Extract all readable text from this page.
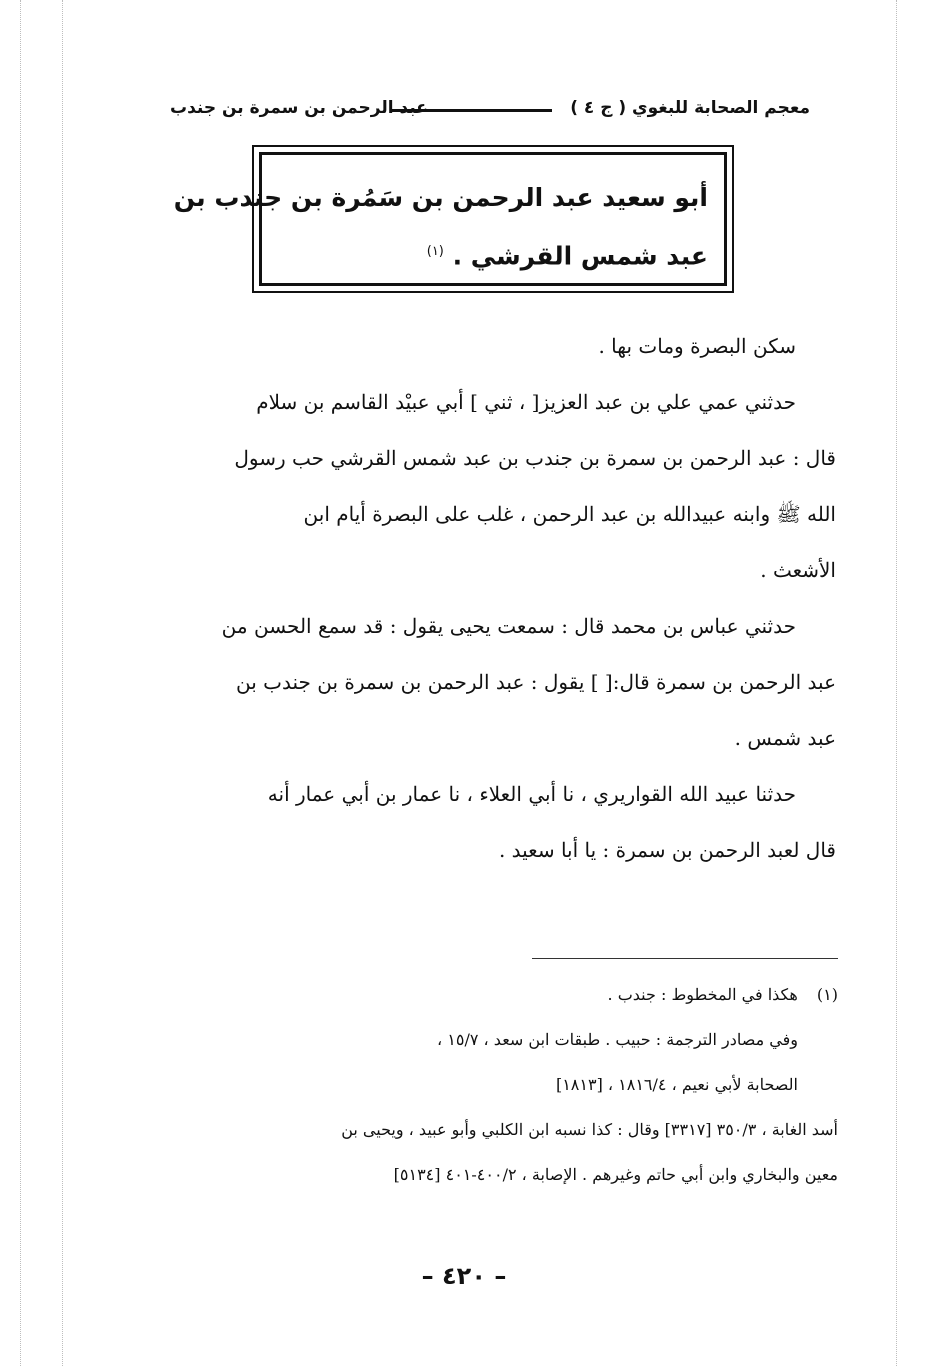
معجم الصحابة للبغوي ( ج ٤ )
عبد الرحمن بن سمرة بن جندب
أبو سعيد عبد الرحمن بن سَمُرة بن جندب بن
عبد شمس القرشي . $^{(١)}$
سكن البصرة ومات بها .
حدثني عمي علي بن عبد العزيز[ ، ثني ] أبي عبيْد القاسم بن سلام
قال : عبد الرحمن بن سمرة بن جندب بن عبد شمس القرشي حب رسول
الله ﷺ وابنه عبيدالله بن عبد الرحمن ، غلب على البصرة أيام ابن
الأشعث .
حدثني عباس بن محمد قال : سمعت يحيى يقول : قد سمع الحسن من
عبد الرحمن بن سمرة قال:[ ] يقول : عبد الرحمن بن سمرة بن جندب بن
عبد شمس .
حدثنا عبيد الله القواريري ، نا أبي العلاء ، نا عمار بن أبي عمار أنه
قال لعبد الرحمن بن سمرة : يا أبا سعيد .
(١) هكذا في المخطوط : جندب .
وفي مصادر الترجمة : حبيب . طبقات ابن سعد ، ١٥/٧ ،
الصحابة لأبي نعيم ، ١٨١٦/٤ ، [١٨١٣]
أسد الغابة ، ٣٥٠/٣ [٣٣١٧] وقال : كذا نسبه ابن الكلبي وأبو عبيد ، ويحيى بن
معين والبخاري وابن أبي حاتم وغيرهم . الإصابة ، ٤٠٠/٢-٤٠١ [٥١٣٤]
– ٤٢٠ –
